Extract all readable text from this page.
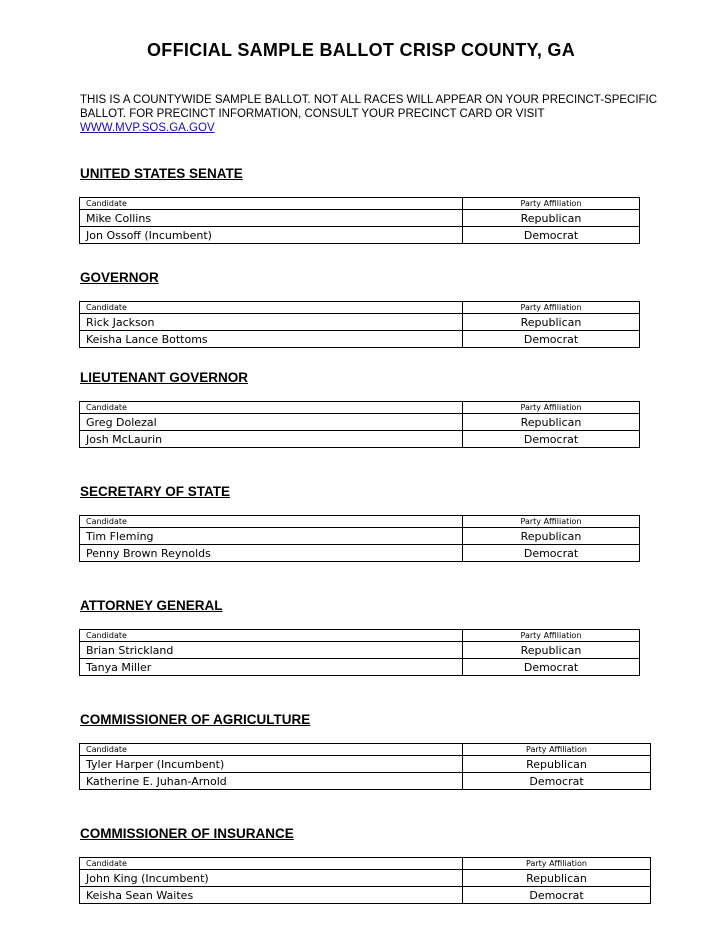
OFFICIAL SAMPLE BALLOT CRISP COUNTY, GA
THIS IS A COUNTYWIDE SAMPLE BALLOT. NOT ALL RACES WILL APPEAR ON YOUR PRECINCT-SPECIFIC
BALLOT. FOR PRECINCT INFORMATION, CONSULT YOUR PRECINCT CARD OR VISIT
WWW.MVP.SOS.GA.GOV
UNITED STATES SENATE
Candidate	Party Affiliation
Mike Collins	Republican
Jon Ossoff (Incumbent)	Democrat
GOVERNOR
Candidate	Party Affiliation
Rick Jackson	Republican
Keisha Lance Bottoms	Democrat
LIEUTENANT GOVERNOR
Candidate	Party Affiliation
Greg Dolezal	Republican
Josh McLaurin	Democrat
SECRETARY OF STATE
Candidate	Party Affiliation
Tim Fleming	Republican
Penny Brown Reynolds	Democrat
ATTORNEY GENERAL
Candidate	Party Affiliation
Brian Strickland	Republican
Tanya Miller	Democrat
COMMISSIONER OF AGRICULTURE
Candidate	Party Affiliation
Tyler Harper (Incumbent)	Republican
Katherine E. Juhan-Arnold	Democrat
COMMISSIONER OF INSURANCE
Candidate	Party Affiliation
John King (Incumbent)	Republican
Keisha Sean Waites	Democrat
